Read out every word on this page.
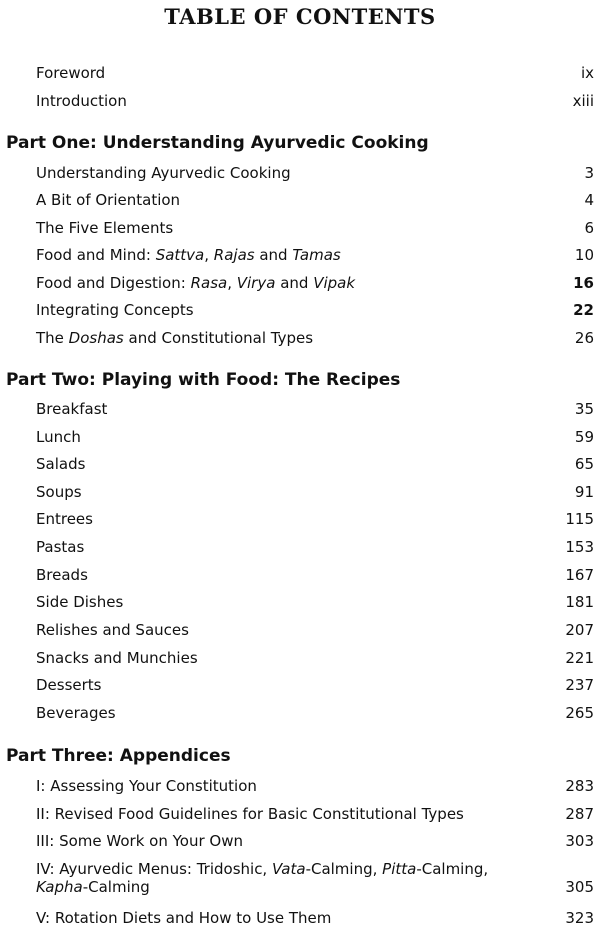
TABLE OF CONTENTS
Foreword	ix
Introduction	xiii
Part One: Understanding Ayurvedic Cooking
Understanding Ayurvedic Cooking	3
A Bit of Orientation	4
The Five Elements	6
Food and Mind: Sattva, Rajas and Tamas	10
Food and Digestion: Rasa, Virya and Vipak	16
Integrating Concepts	22
The Doshas and Constitutional Types	26
Part Two: Playing with Food: The Recipes
Breakfast	35
Lunch	59
Salads	65
Soups	91
Entrees	115
Pastas	153
Breads	167
Side Dishes	181
Relishes and Sauces	207
Snacks and Munchies	221
Desserts	237
Beverages	265
Part Three: Appendices
I: Assessing Your Constitution	283
II: Revised Food Guidelines for Basic Constitutional Types	287
III: Some Work on Your Own	303
IV: Ayurvedic Menus: Tridoshic, Vata-Calming, Pitta-Calming, Kapha-Calming	305
V: Rotation Diets and How to Use Them	323
